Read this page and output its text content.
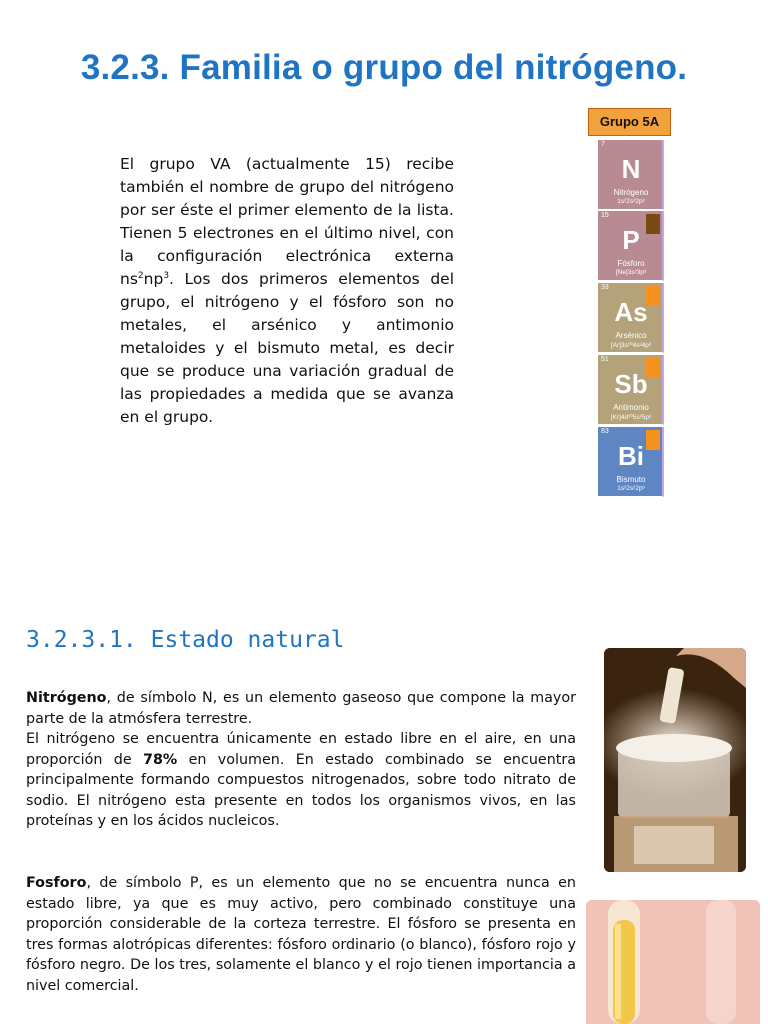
3.2.3. Familia o grupo del nitrógeno.

El grupo VA (actualmente 15) recibe también el nombre de grupo del nitrógeno por ser éste el primer elemento de la lista. Tienen 5 electrones en el último nivel, con la configuración electrónica externa $ns^2np^3$. Los dos primeros elementos del grupo, el nitrógeno y el fósforo son no metales, el arsénico y antimonio metaloides y el bismuto metal, es decir que se produce una variación gradual de las propiedades a medida que se avanza en el grupo.

Grupo 5A
7
N
Nitrógeno
1s²2s²2p³
15
P
Fósforo
[Ne]3s²3p³
33
As
Arsénico
[Ar]3s¹⁰4s²4p³
51
Sb
Antimonio
[Kr]4d¹⁰5s²5p³
83
Bi
Bismuto
1s²2s²2p³
3.2.3.1. Estado natural

Nitrógeno, de símbolo N, es un elemento gaseoso que compone la mayor parte de la atmósfera terrestre.

El nitrógeno se encuentra únicamente en estado libre en el aire, en una proporción de 78% en volumen. En estado combinado se encuentra principalmente formando compuestos nitrogenados, sobre todo nitrato de sodio. El nitrógeno esta presente en todos los organismos vivos, en las proteínas y en los ácidos nucleicos.

Fosforo, de símbolo P, es un elemento que no se encuentra nunca en estado libre, ya que es muy activo, pero combinado constituye una proporción considerable de la corteza terrestre. El fósforo se presenta en tres formas alotrópicas diferentes: fósforo ordinario (o blanco), fósforo rojo y fósforo negro. De los tres, solamente el blanco y el rojo tienen importancia a nivel comercial.
